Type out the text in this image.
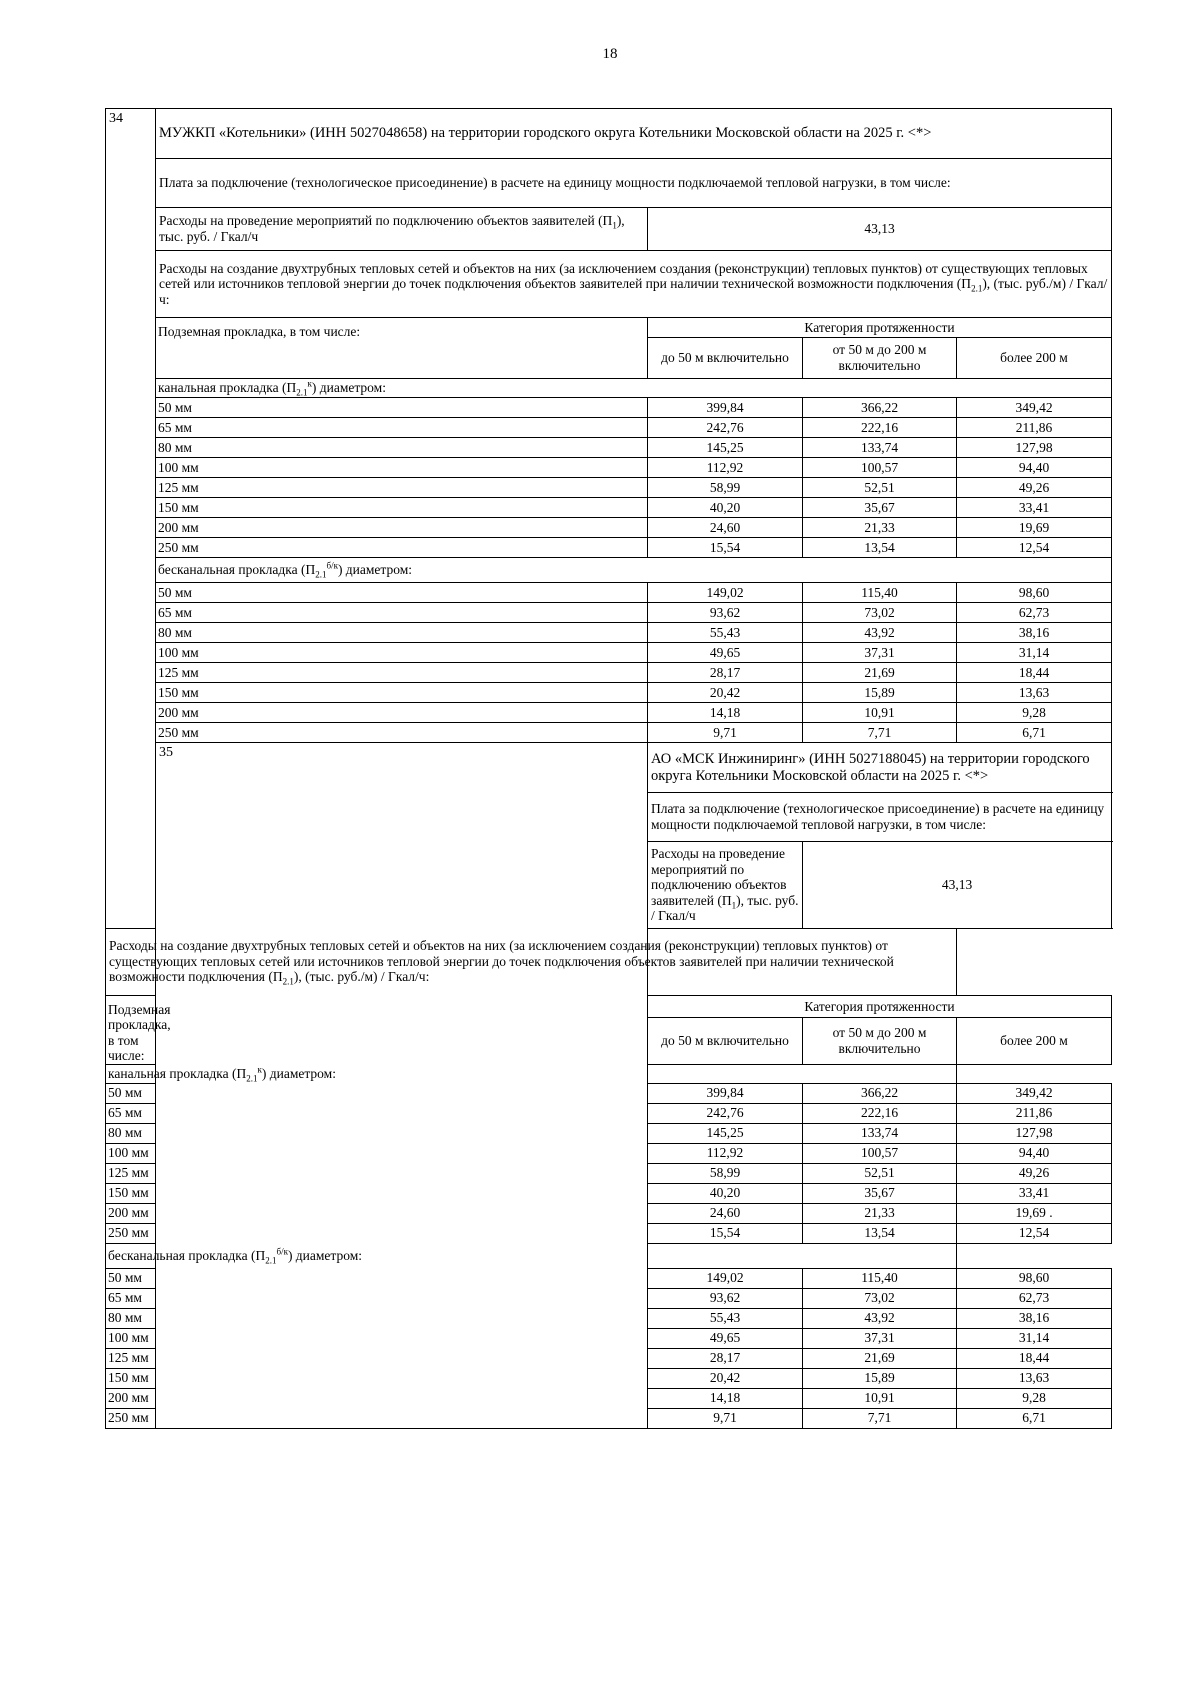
18
34	МУЖКП «Котельники» (ИНН 5027048658) на территории городского округа Котельники Московской области на 2025 г. <*>			
	Плата за подключение (технологическое присоединение) в расчете на единицу мощности подключаемой тепловой нагрузки, в том числе:			
	Расходы на проведение мероприятий по подключению объектов заявителей $(П_1)$, тыс. руб. / Гкал/ч	43,13		
	Расходы на создание двухтрубных тепловых сетей и объектов на них (за исключением создания (реконструкции) тепловых пунктов) от существующих тепловых сетей или источников тепловой энергии до точек подключения объектов заявителей при наличии технической возможности подключения $(П_{2.1})$, (тыс. руб./м) / Гкал/ч:			
	Подземная прокладка, в том числе:	Категория протяженности		
		до 50 м включительно	от 50 м до 200 м включительно	более 200 м
	канальная прокладка $(П_{2.1}^к)$ диаметром:			
	50 мм	399,84	366,22	349,42
	65 мм	242,76	222,16	211,86
	80 мм	145,25	133,74	127,98
	100 мм	112,92	100,57	94,40
	125 мм	58,99	52,51	49,26
	150 мм	40,20	35,67	33,41
	200 мм	24,60	21,33	19,69
	250 мм	15,54	13,54	12,54
	бесканальная прокладка $(П_{2.1}^{б/к})$ диаметром:			
	50 мм	149,02	115,40	98,60
	65 мм	93,62	73,02	62,73
	80 мм	55,43	43,92	38,16
	100 мм	49,65	37,31	31,14
	125 мм	28,17	21,69	18,44
	150 мм	20,42	15,89	13,63
	200 мм	14,18	10,91	9,28
	250 мм	9,71	7,71	6,71
	35	АО «МСК Инжиниринг» (ИНН 5027188045) на территории городского округа Котельники Московской области на 2025 г. <*>		
		Плата за подключение (технологическое присоединение) в расчете на единицу мощности подключаемой тепловой нагрузки, в том числе:		
		Расходы на проведение мероприятий по подключению объектов заявителей $(П_1)$, тыс. руб. / Гкал/ч	43,13	
Расходы на создание двухтрубных тепловых сетей и объектов на них (за исключением создания (реконструкции) тепловых пунктов) от существующих тепловых сетей или источников тепловой энергии до точек подключения объектов заявителей при наличии технической возможности подключения $(П_{2.1})$, (тыс. руб./м) / Гкал/ч:				
Подземная прокладка, в том числе:		Категория протяженности		
		до 50 м включительно	от 50 м до 200 м включительно	более 200 м
канальная прокладка $(П_{2.1}^к)$ диаметром:				
50 мм		399,84	366,22	349,42
65 мм		242,76	222,16	211,86
80 мм		145,25	133,74	127,98
100 мм		112,92	100,57	94,40
125 мм		58,99	52,51	49,26
150 мм		40,20	35,67	33,41
200 мм		24,60	21,33	19,69 .
250 мм		15,54	13,54	12,54
бесканальная прокладка $(П_{2.1}^{б/к})$ диаметром:				
50 мм		149,02	115,40	98,60
65 мм		93,62	73,02	62,73
80 мм		55,43	43,92	38,16
100 мм		49,65	37,31	31,14
125 мм		28,17	21,69	18,44
150 мм		20,42	15,89	13,63
200 мм		14,18	10,91	9,28
250 мм		9,71	7,71	6,71
